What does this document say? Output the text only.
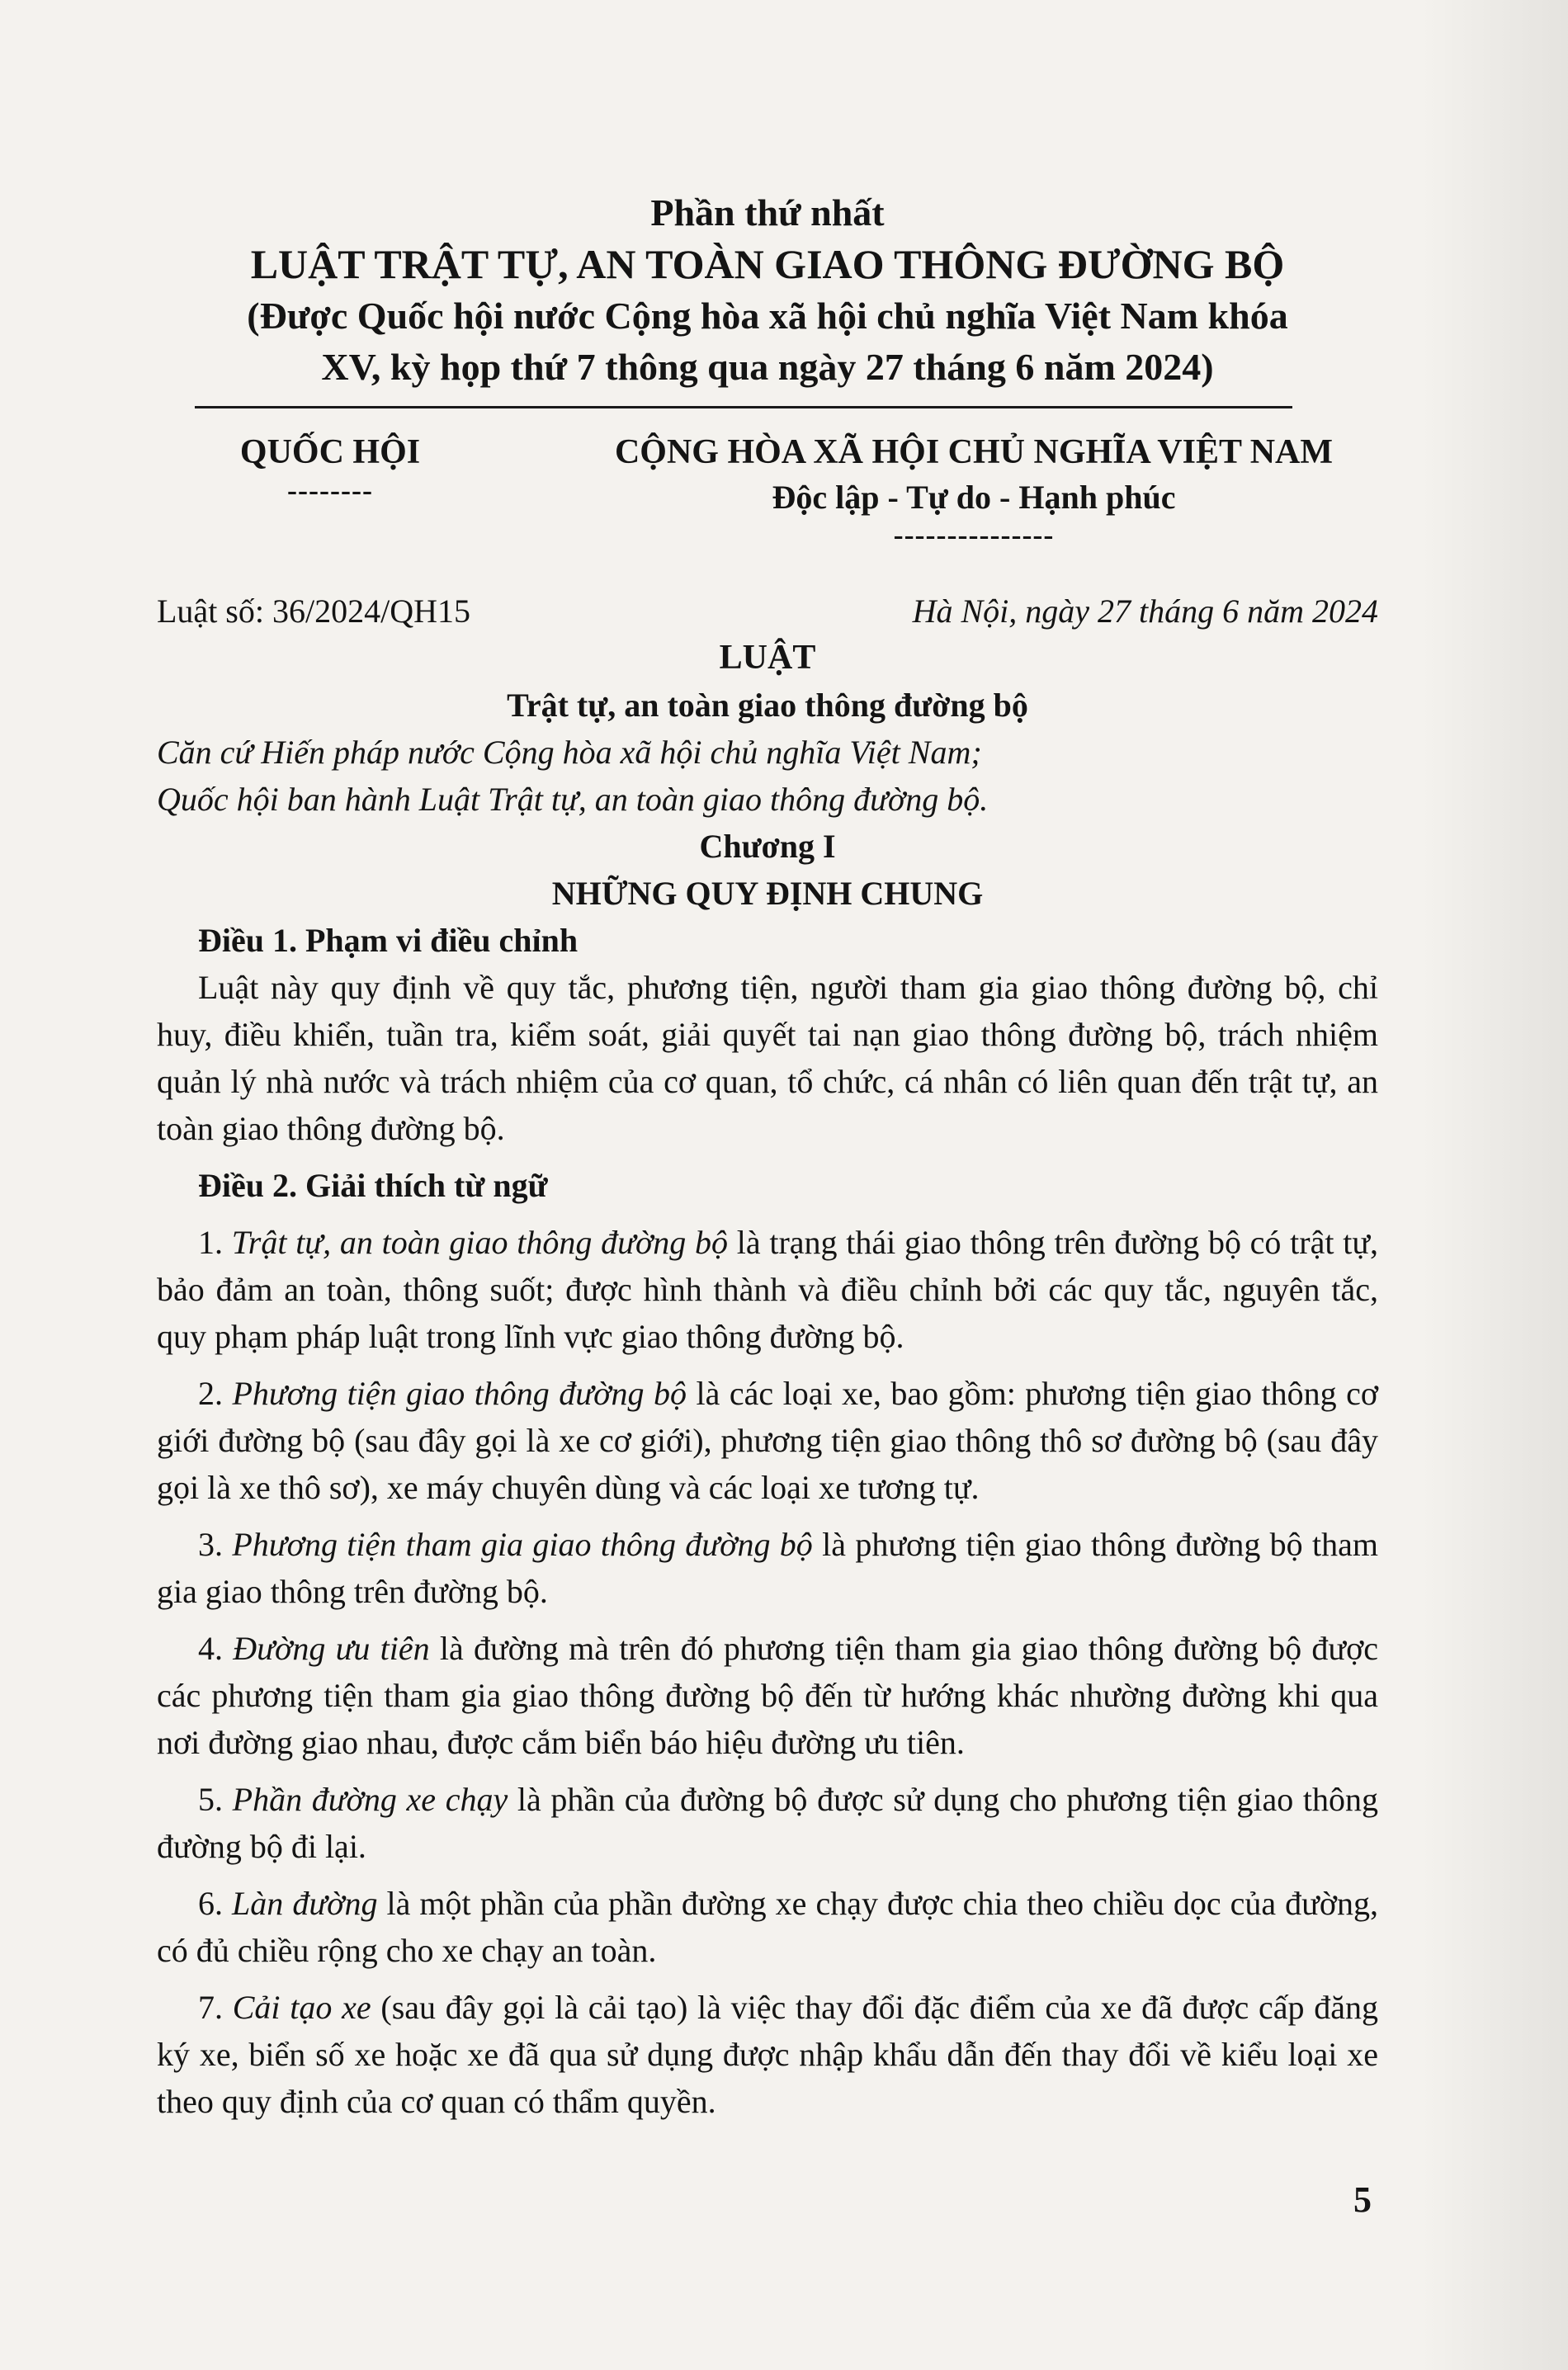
Phần thứ nhất
LUẬT TRẬT TỰ, AN TOÀN GIAO THÔNG ĐƯỜNG BỘ
(Được Quốc hội nước Cộng hòa xã hội chủ nghĩa Việt Nam khóa
XV, kỳ họp thứ 7 thông qua ngày 27 tháng 6 năm 2024)
QUỐC HỘI
--------
CỘNG HÒA XÃ HỘI CHỦ NGHĨA VIỆT NAM
Độc lập - Tự do - Hạnh phúc
---------------
Luật số: 36/2024/QH15	Hà Nội, ngày 27 tháng 6 năm 2024
LUẬT
Trật tự, an toàn giao thông đường bộ
Căn cứ Hiến pháp nước Cộng hòa xã hội chủ nghĩa Việt Nam;
Quốc hội ban hành Luật Trật tự, an toàn giao thông đường bộ.
Chương I
NHỮNG QUY ĐỊNH CHUNG
Điều 1. Phạm vi điều chỉnh
Luật này quy định về quy tắc, phương tiện, người tham gia giao thông đường bộ, chỉ huy, điều khiển, tuần tra, kiểm soát, giải quyết tai nạn giao thông đường bộ, trách nhiệm quản lý nhà nước và trách nhiệm của cơ quan, tổ chức, cá nhân có liên quan đến trật tự, an toàn giao thông đường bộ.
Điều 2. Giải thích từ ngữ
1. Trật tự, an toàn giao thông đường bộ là trạng thái giao thông trên đường bộ có trật tự, bảo đảm an toàn, thông suốt; được hình thành và điều chỉnh bởi các quy tắc, nguyên tắc, quy phạm pháp luật trong lĩnh vực giao thông đường bộ.
2. Phương tiện giao thông đường bộ là các loại xe, bao gồm: phương tiện giao thông cơ giới đường bộ (sau đây gọi là xe cơ giới), phương tiện giao thông thô sơ đường bộ (sau đây gọi là xe thô sơ), xe máy chuyên dùng và các loại xe tương tự.
3. Phương tiện tham gia giao thông đường bộ là phương tiện giao thông đường bộ tham gia giao thông trên đường bộ.
4. Đường ưu tiên là đường mà trên đó phương tiện tham gia giao thông đường bộ được các phương tiện tham gia giao thông đường bộ đến từ hướng khác nhường đường khi qua nơi đường giao nhau, được cắm biển báo hiệu đường ưu tiên.
5. Phần đường xe chạy là phần của đường bộ được sử dụng cho phương tiện giao thông đường bộ đi lại.
6. Làn đường là một phần của phần đường xe chạy được chia theo chiều dọc của đường, có đủ chiều rộng cho xe chạy an toàn.
7. Cải tạo xe (sau đây gọi là cải tạo) là việc thay đổi đặc điểm của xe đã được cấp đăng ký xe, biển số xe hoặc xe đã qua sử dụng được nhập khẩu dẫn đến thay đổi về kiểu loại xe theo quy định của cơ quan có thẩm quyền.
5
